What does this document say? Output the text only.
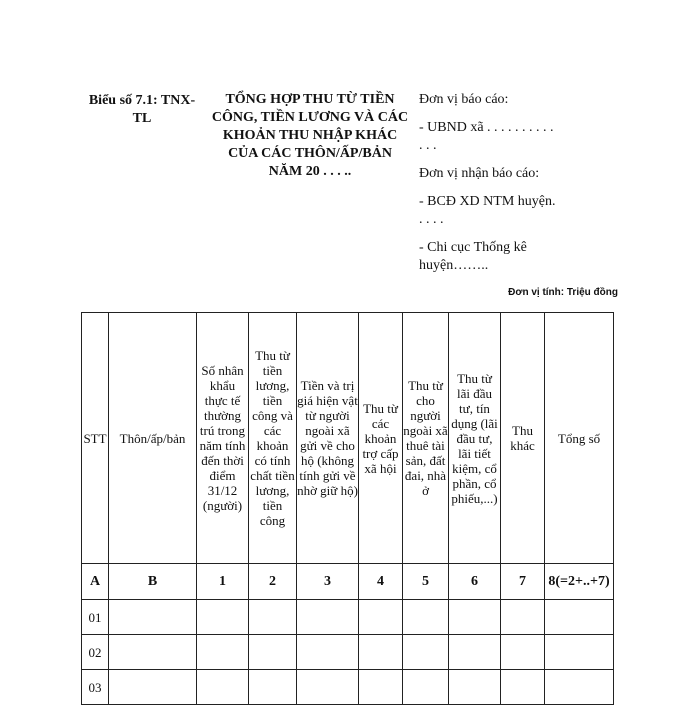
Biểu số 7.1: TNX-TL
TỔNG HỢP THU TỪ TIỀN CÔNG, TIỀN LƯƠNG VÀ CÁC KHOẢN THU NHẬP KHÁC CỦA CÁC THÔN/ẤP/BẢN NĂM 20 . . . ..

Đơn vị báo cáo:

- UBND xã . . . . . . . . . . . . .

Đơn vị nhận báo cáo:

- BCĐ XD NTM huyện. . . . .

- Chi cục Thống kê huyện……..

Đơn vị tính: Triệu đồng
STT	Thôn/ấp/bản	Số nhân khẩu thực tế thường trú trong năm tính đến thời điểm 31/12 (người)	Thu từ tiền lương, tiền công và các khoản có tính chất tiền lương, tiền công	Tiền và trị giá hiện vật từ người ngoài xã gửi về cho hộ (không tính gửi về nhờ giữ hộ)	Thu từ các khoản trợ cấp xã hội	Thu từ cho người ngoài xã thuê tài sản, đất đai, nhà ở	Thu từ lãi đầu tư, tín dụng (lãi đầu tư, lãi tiết kiệm, cổ phần, cổ phiếu,...)	Thu khác	Tổng số
A	B	1	2	3	4	5	6	7	8(=2+..+7)
01									
02									
03									
